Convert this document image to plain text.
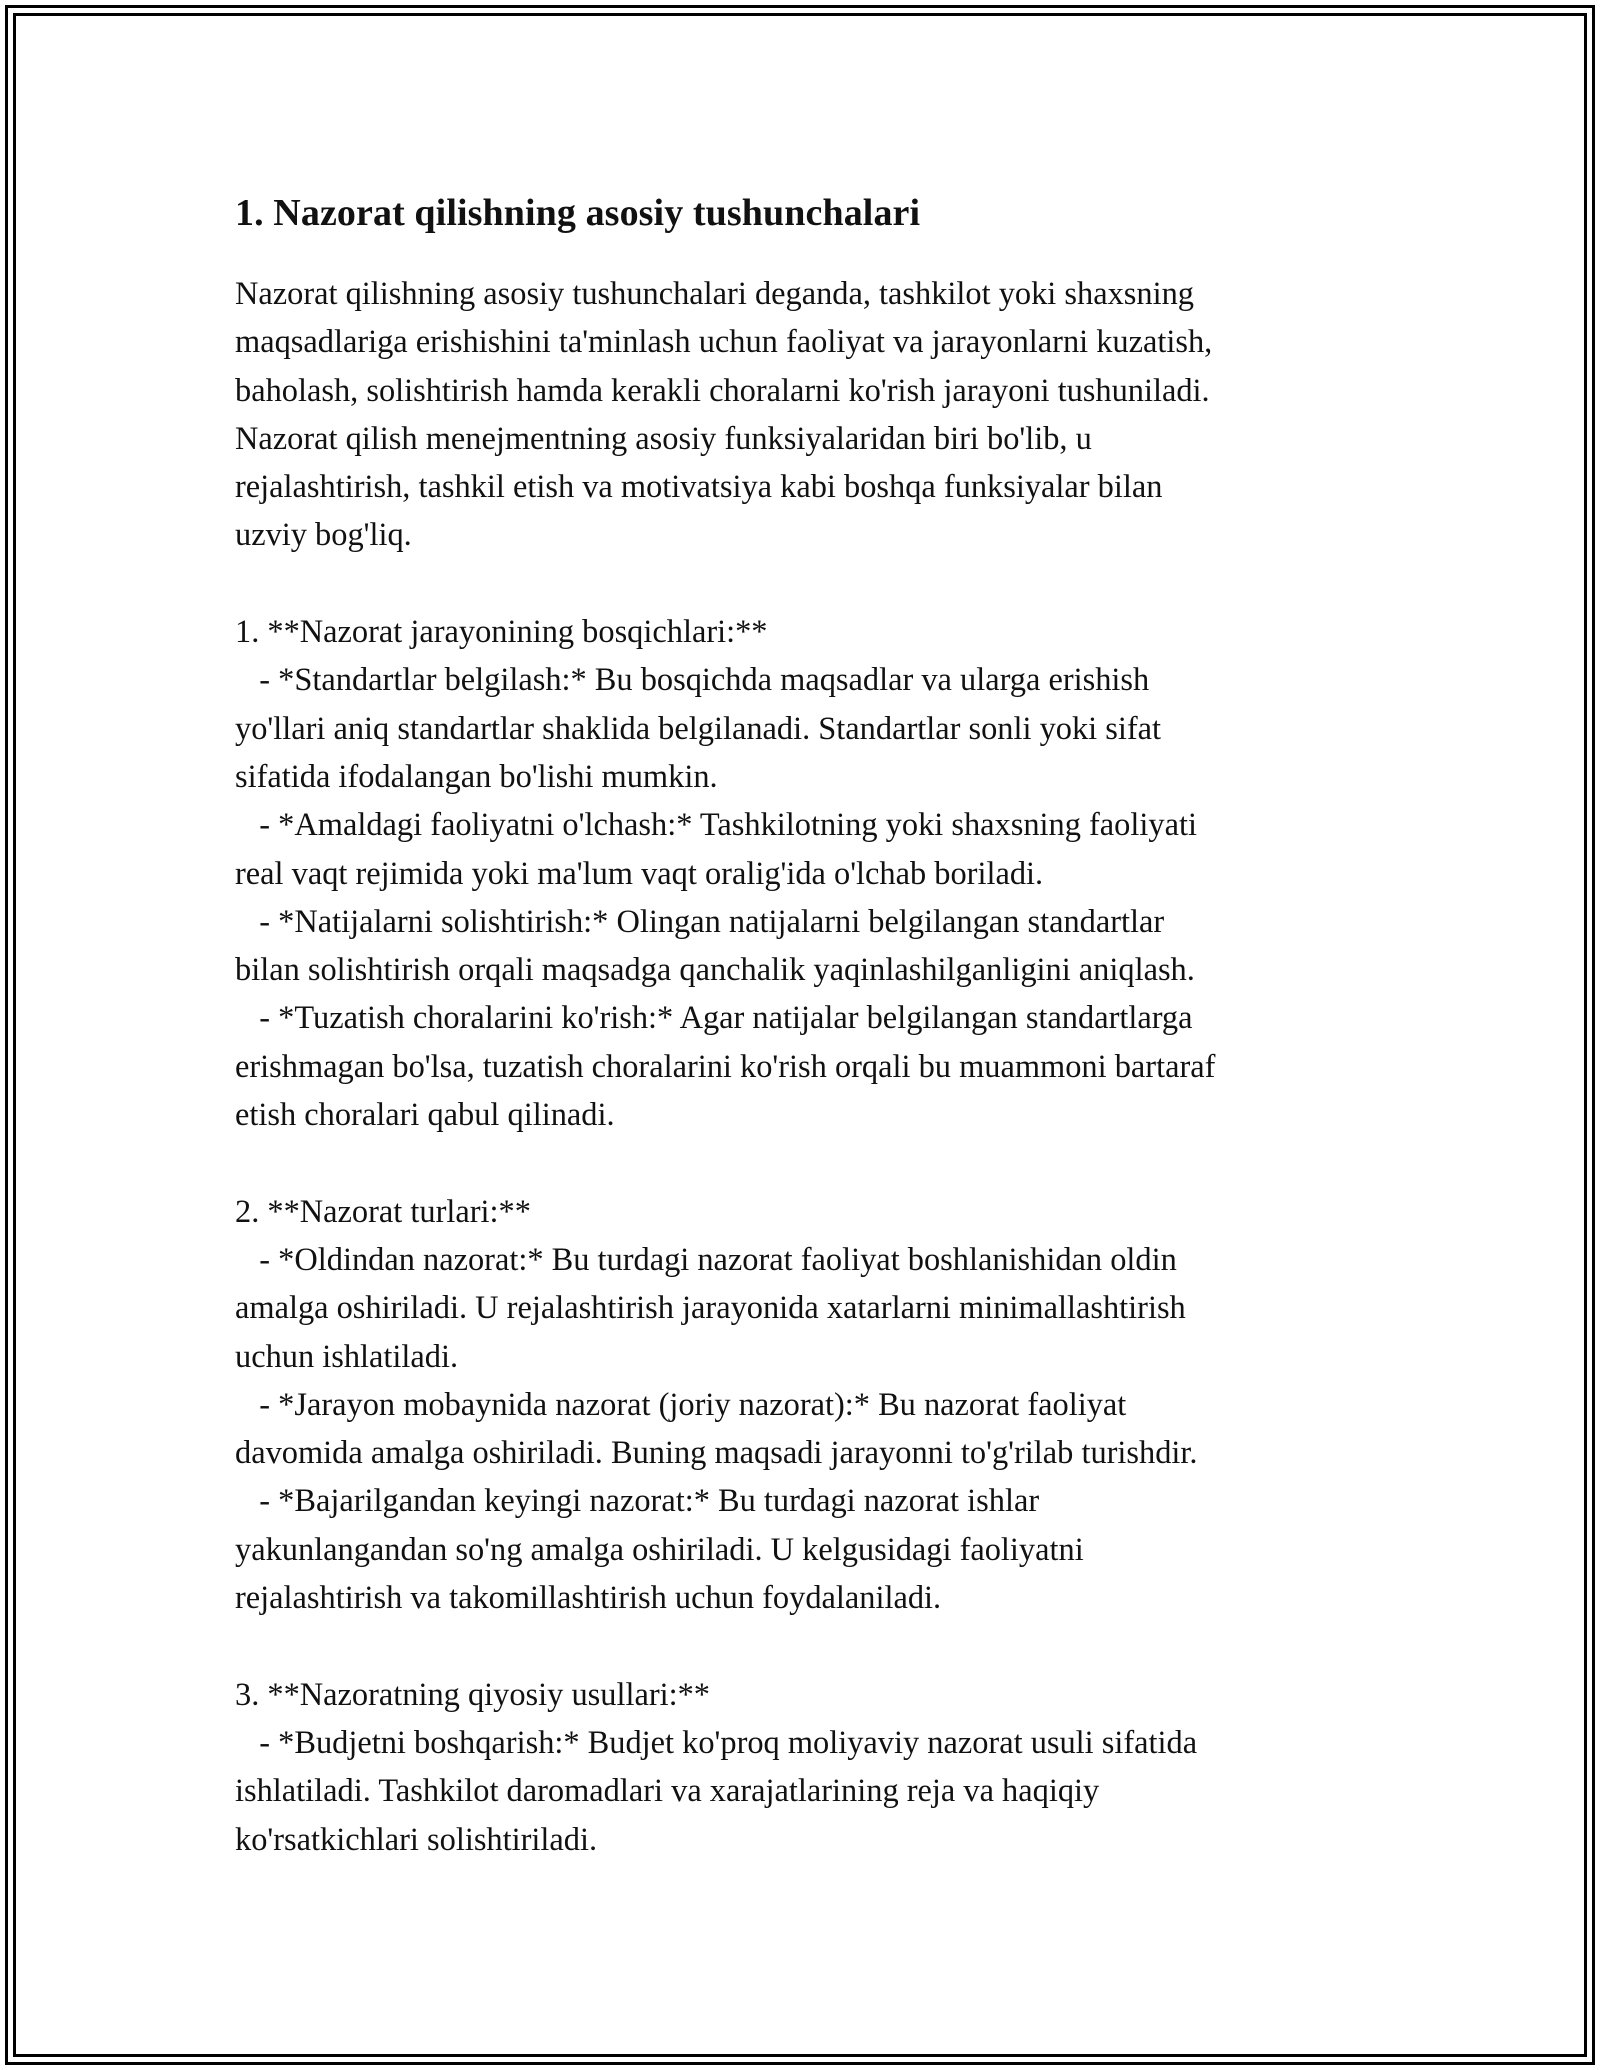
1. Nazorat qilishning asosiy tushunchalari
Nazorat qilishning asosiy tushunchalari deganda, tashkilot yoki shaxsning
maqsadlariga erishishini ta'minlash uchun faoliyat va jarayonlarni kuzatish,
baholash, solishtirish hamda kerakli choralarni ko'rish jarayoni tushuniladi.
Nazorat qilish menejmentning asosiy funksiyalaridan biri bo'lib, u
rejalashtirish, tashkil etish va motivatsiya kabi boshqa funksiyalar bilan
uzviy bog'liq.
1. **Nazorat jarayonining bosqichlari:**
- *Standartlar belgilash:* Bu bosqichda maqsadlar va ularga erishish
yo'llari aniq standartlar shaklida belgilanadi. Standartlar sonli yoki sifat
sifatida ifodalangan bo'lishi mumkin.
- *Amaldagi faoliyatni o'lchash:* Tashkilotning yoki shaxsning faoliyati
real vaqt rejimida yoki ma'lum vaqt oralig'ida o'lchab boriladi.
- *Natijalarni solishtirish:* Olingan natijalarni belgilangan standartlar
bilan solishtirish orqali maqsadga qanchalik yaqinlashilganligini aniqlash.
- *Tuzatish choralarini ko'rish:* Agar natijalar belgilangan standartlarga
erishmagan bo'lsa, tuzatish choralarini ko'rish orqali bu muammoni bartaraf
etish choralari qabul qilinadi.
2. **Nazorat turlari:**
- *Oldindan nazorat:* Bu turdagi nazorat faoliyat boshlanishidan oldin
amalga oshiriladi. U rejalashtirish jarayonida xatarlarni minimallashtirish
uchun ishlatiladi.
- *Jarayon mobaynida nazorat (joriy nazorat):* Bu nazorat faoliyat
davomida amalga oshiriladi. Buning maqsadi jarayonni to'g'rilab turishdir.
- *Bajarilgandan keyingi nazorat:* Bu turdagi nazorat ishlar
yakunlangandan so'ng amalga oshiriladi. U kelgusidagi faoliyatni
rejalashtirish va takomillashtirish uchun foydalaniladi.
3. **Nazoratning qiyosiy usullari:**
- *Budjetni boshqarish:* Budjet ko'proq moliyaviy nazorat usuli sifatida
ishlatiladi. Tashkilot daromadlari va xarajatlarining reja va haqiqiy
ko'rsatkichlari solishtiriladi.
